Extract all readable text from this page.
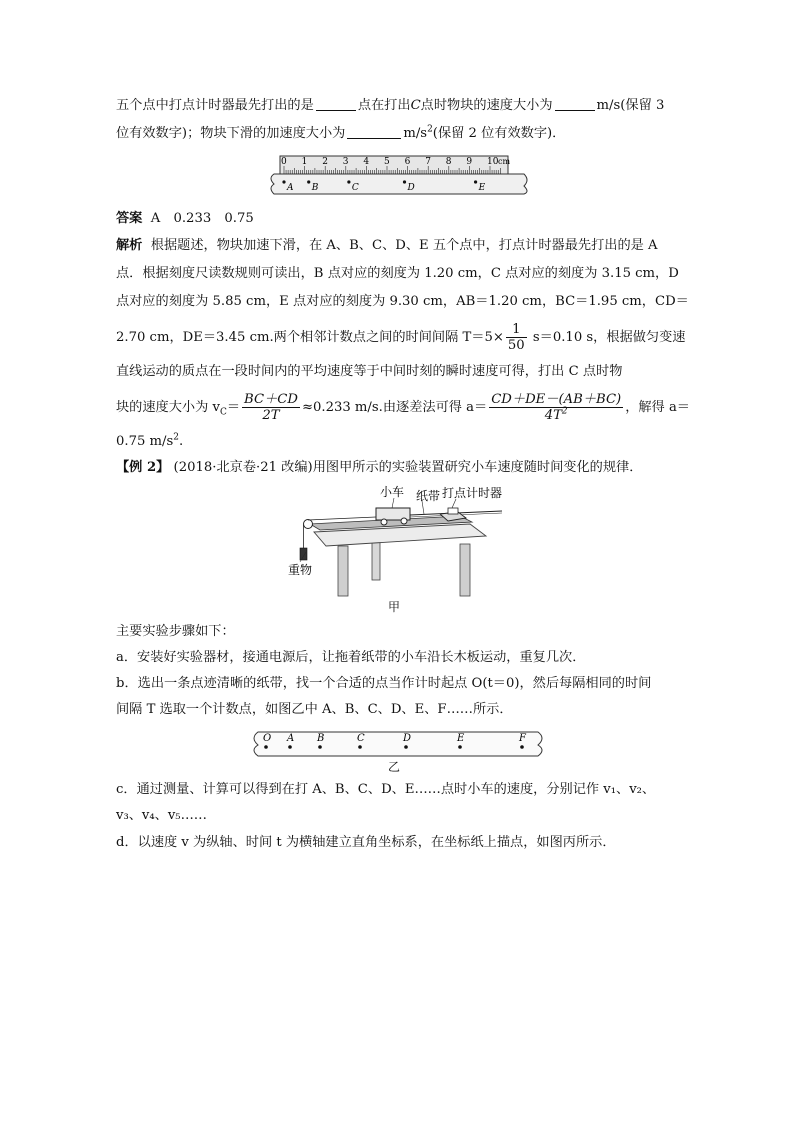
五个点中打点计时器最先打出的是	点在打出C点时物块的速度大小为	m/s(保留 3
位有效数字)；物块下滑的加速度大小为	$m/s^2$(保留 2 位有效数字)．
0 1 2 3 4 5 6 7 8 9 10 cm
A B	C	D	E
答案 A　0.233　0.75
解析 根据题述，物块加速下滑，在 A、B、C、D、E 五个点中，打点计时器最先打出的是 A
点．根据刻度尺读数规则可读出，B 点对应的刻度为 1.20 cm，C 点对应的刻度为 3.15 cm，D
点对应的刻度为 5.85 cm，E 点对应的刻度为 9.30 cm，AB＝1.20 cm，BC＝1.95 cm，CD＝
2.70 cm，DE＝3.45 cm.两个相邻计数点之间的时间间隔 $T=5\times \frac{1}{50} s=0.10$ s，根据做匀变速
直线运动的质点在一段时间内的平均速度等于中间时刻的瞬时速度可得，打出 C 点时物
块的速度大小为 $v_C= \frac{BC+CD}{2T} \approx 0.233$ m/s.由逐差法可得 $a= \frac{CD+DE-(AB+BC)}{4T^2}$ ，解得 a＝
0.75 $m/s^2$.
【例 2】 (2018·北京卷·21 改编)用图甲所示的实验装置研究小车速度随时间变化的规律．
小车 纸带 打点计时器
重物
甲
主要实验步骤如下：
a．安装好实验器材，接通电源后，让拖着纸带的小车沿长木板运动，重复几次．
b．选出一条点迹清晰的纸带，找一个合适的点当作计时起点 O(t＝0)，然后每隔相同的时间
间隔 T 选取一个计数点，如图乙中 A、B、C、D、E、F……所示．
O A B	C	D	E	F
乙
c．通过测量、计算可以得到在打 A、B、C、D、E……点时小车的速度，分别记作 v₁、v₂、
v₃、v₄、v₅……
d．以速度 v 为纵轴、时间 t 为横轴建立直角坐标系，在坐标纸上描点，如图丙所示．
